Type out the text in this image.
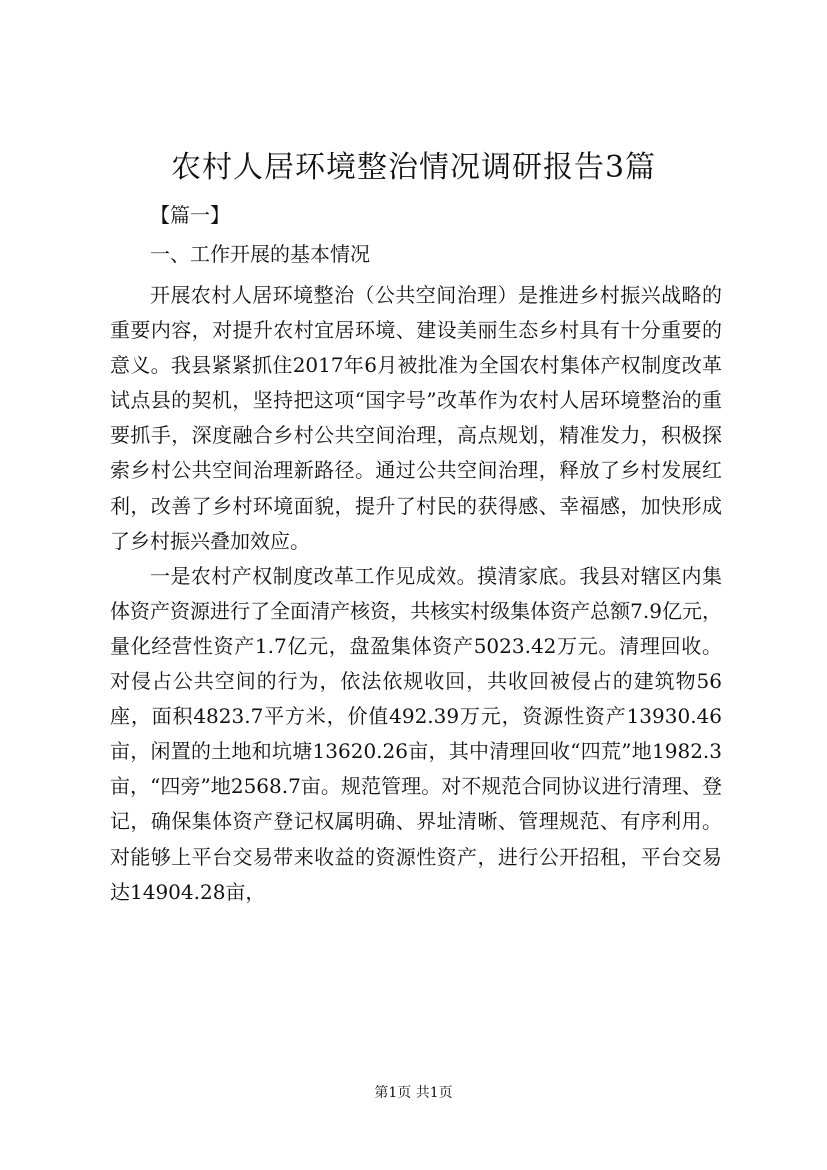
农村人居环境整治情况调研报告3篇

【篇一】

一、工作开展的基本情况

开展农村人居环境整治（公共空间治理）是推进乡村振兴战略的重要内容，对提升农村宜居环境、建设美丽生态乡村具有十分重要的意义。我县紧紧抓住2017年6月被批准为全国农村集体产权制度改革试点县的契机，坚持把这项“国字号”改革作为农村人居环境整治的重要抓手，深度融合乡村公共空间治理，高点规划，精准发力，积极探索乡村公共空间治理新路径。通过公共空间治理，释放了乡村发展红利，改善了乡村环境面貌，提升了村民的获得感、幸福感，加快形成了乡村振兴叠加效应。

一是农村产权制度改革工作见成效。摸清家底。我县对辖区内集体资产资源进行了全面清产核资，共核实村级集体资产总额7.9亿元，量化经营性资产1.7亿元，盘盈集体资产5023.42万元。清理回收。对侵占公共空间的行为，依法依规收回，共收回被侵占的建筑物56座，面积4823.7平方米，价值492.39万元，资源性资产13930.46亩，闲置的土地和坑塘13620.26亩，其中清理回收“四荒”地1982.3亩，“四旁”地2568.7亩。规范管理。对不规范合同协议进行清理、登记，确保集体资产登记权属明确、界址清晰、管理规范、有序利用。对能够上平台交易带来收益的资源性资产，进行公开招租，平台交易达14904.28亩，

第1页 共1页
